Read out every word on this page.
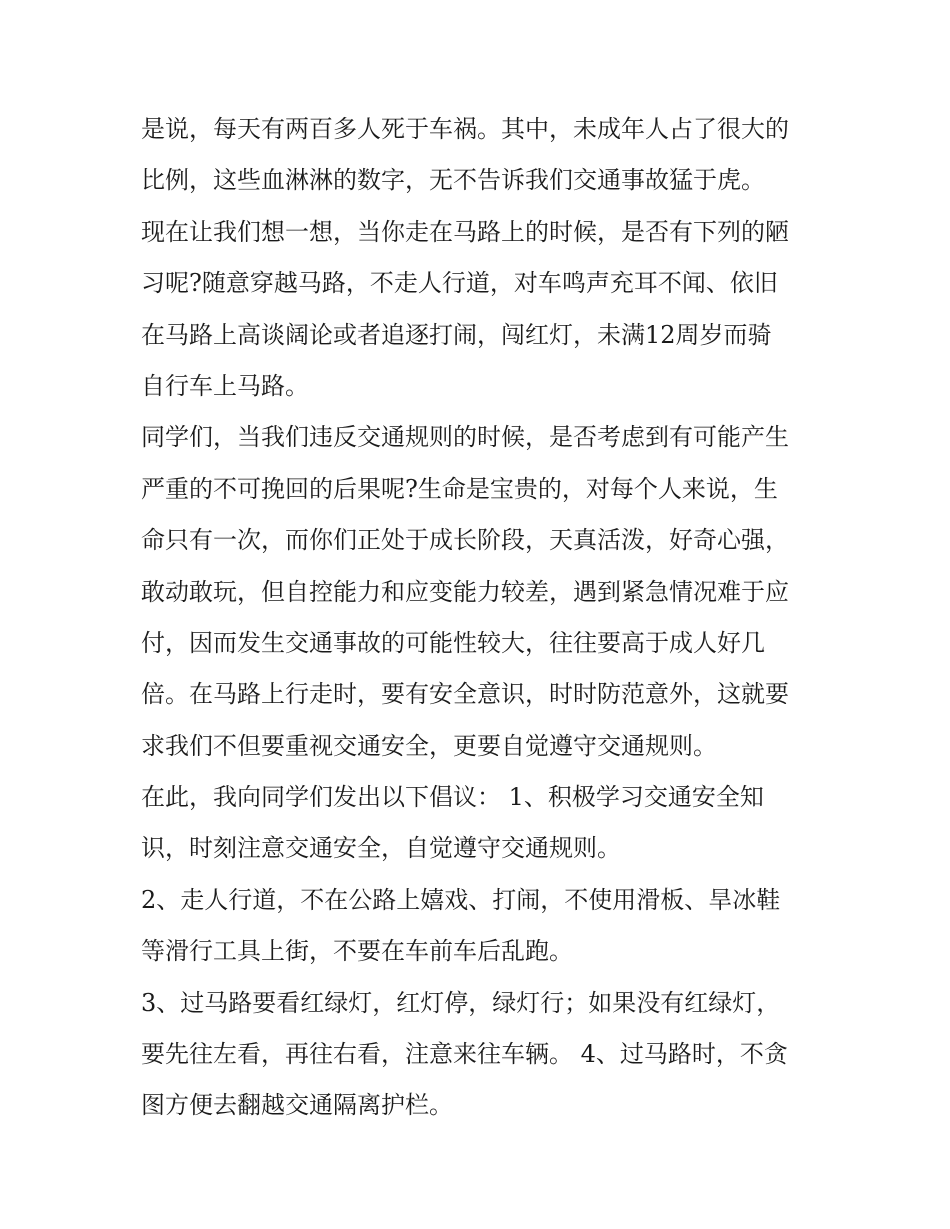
是说，每天有两百多人死于车祸。其中，未成年人占了很大的
比例，这些血淋淋的数字，无不告诉我们交通事故猛于虎。
现在让我们想一想，当你走在马路上的时候，是否有下列的陋
习呢?随意穿越马路，不走人行道，对车鸣声充耳不闻、依旧
在马路上高谈阔论或者追逐打闹，闯红灯，未满12周岁而骑
自行车上马路。
同学们，当我们违反交通规则的时候，是否考虑到有可能产生
严重的不可挽回的后果呢?生命是宝贵的，对每个人来说，生
命只有一次，而你们正处于成长阶段，天真活泼，好奇心强，
敢动敢玩，但自控能力和应变能力较差，遇到紧急情况难于应
付，因而发生交通事故的可能性较大，往往要高于成人好几
倍。在马路上行走时，要有安全意识，时时防范意外，这就要
求我们不但要重视交通安全，更要自觉遵守交通规则。
在此，我向同学们发出以下倡议： 1、积极学习交通安全知
识，时刻注意交通安全，自觉遵守交通规则。
2、走人行道，不在公路上嬉戏、打闹，不使用滑板、旱冰鞋
等滑行工具上街，不要在车前车后乱跑。
3、过马路要看红绿灯，红灯停，绿灯行；如果没有红绿灯，
要先往左看，再往右看，注意来往车辆。 4、过马路时，不贪
图方便去翻越交通隔离护栏。
